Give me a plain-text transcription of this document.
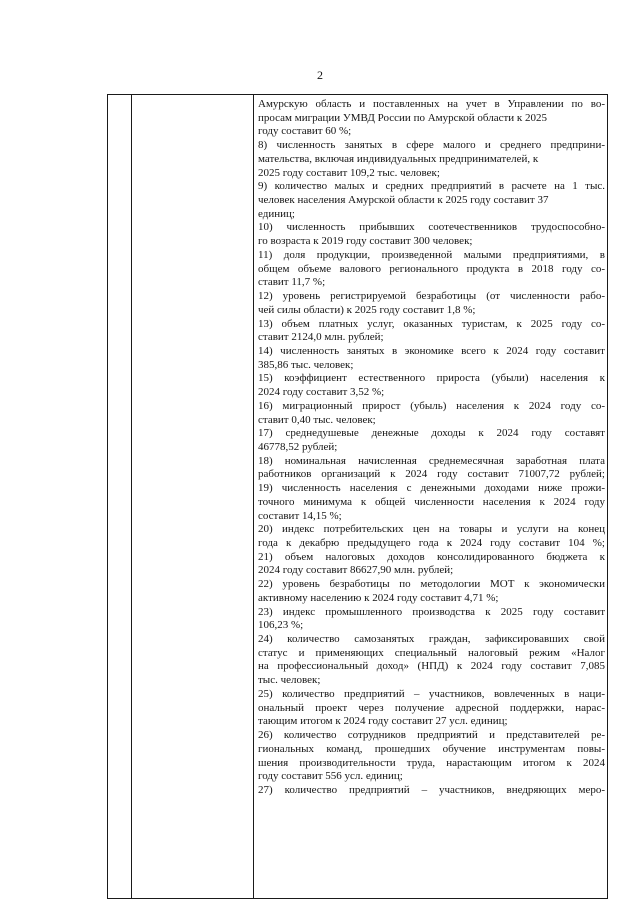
2

Амурскую область и поставленных на учет в Управлении по во-
просам миграции УМВД России по Амурской области к 2025
году составит 60 %;
8) численность занятых в сфере малого и среднего предприни-
мательства, включая индивидуальных предпринимателей, к
2025 году составит 109,2 тыс. человек;
9) количество малых и средних предприятий в расчете на 1 тыс.
человек населения Амурской области к 2025 году составит 37
единиц;
10) численность прибывших соотечественников трудоспособно-
го возраста к 2019 году составит 300 человек;
11) доля продукции, произведенной малыми предприятиями, в
общем объеме валового регионального продукта в 2018 году со-
ставит 11,7 %;
12) уровень регистрируемой безработицы (от численности рабо-
чей силы области) к 2025 году составит 1,8 %;
13) объем платных услуг, оказанных туристам, к 2025 году со-
ставит 2124,0 млн. рублей;
14) численность занятых в экономике всего к 2024 году составит
385,86 тыс. человек;
15) коэффициент естественного прироста (убыли) населения к
2024 году составит 3,52 %;
16) миграционный прирост (убыль) населения к 2024 году со-
ставит 0,40 тыс. человек;
17) среднедушевые денежные доходы к 2024 году составят
46778,52 рублей;
18) номинальная начисленная среднемесячная заработная плата
работников организаций к 2024 году составит 71007,72 рублей;
19) численность населения с денежными доходами ниже прожи-
точного минимума к общей численности населения к 2024 году
составит 14,15 %;
20) индекс потребительских цен на товары и услуги на конец
года к декабрю предыдущего года к 2024 году составит 104 %;
21) объем налоговых доходов консолидированного бюджета к
2024 году составит 86627,90 млн. рублей;
22) уровень безработицы по методологии МОТ к экономически
активному населению к 2024 году составит 4,71 %;
23) индекс промышленного производства к 2025 году составит
106,23 %;
24) количество самозанятых граждан, зафиксировавших свой
статус и применяющих специальный налоговый режим «Налог
на профессиональный доход» (НПД) к 2024 году составит 7,085
тыс. человек;
25) количество предприятий – участников, вовлеченных в наци-
ональный проект через получение адресной поддержки, нарас-
тающим итогом к 2024 году составит 27 усл. единиц;
26) количество сотрудников предприятий и представителей ре-
гиональных команд, прошедших обучение инструментам повы-
шения производительности труда, нарастающим итогом к 2024
году составит 556 усл. единиц;
27) количество предприятий – участников, внедряющих меро-
